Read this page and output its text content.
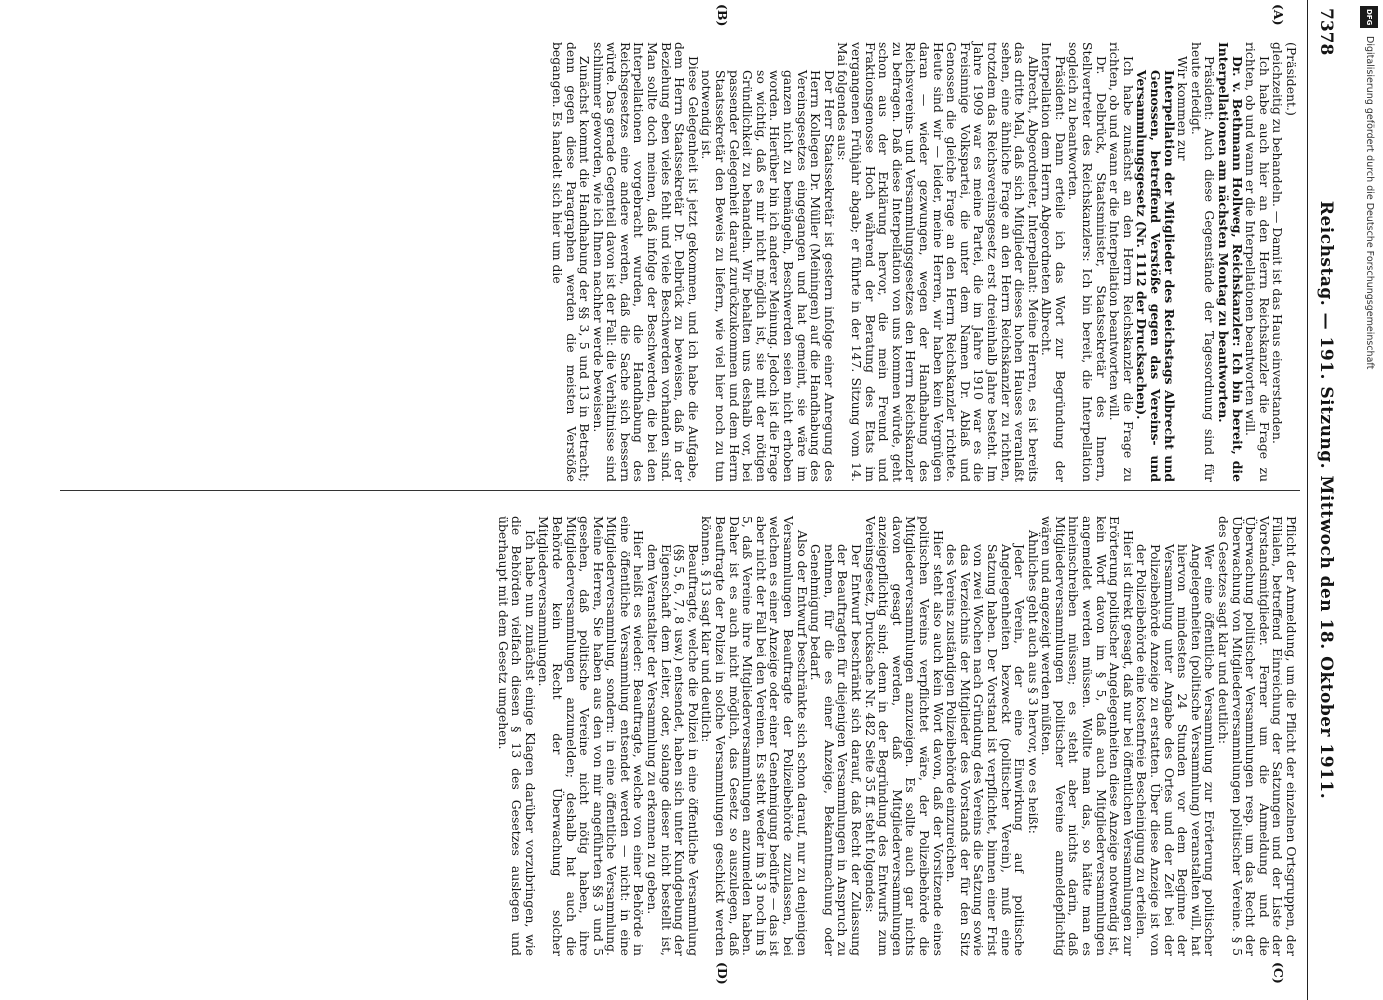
7378
Reichstag. — 191. Sitzung. Mittwoch den 18. Oktober 1911.
(A)
(B)
(C)
(D)

(Präsident.)

gleichzeitig zu behandeln. — Damit ist das Haus einverstanden.

Ich habe auch hier an den Herrn Reichskanzler die Frage zu richten, ob und wann er die Interpellationen beantworten will.

Dr. v. Bethmann Hollweg, Reichskanzler: Ich bin bereit, die Interpellationen am nächsten Montag zu beantworten.

Präsident: Auch diese Gegenstände der Tagesordnung sind für heute erledigt.

Wir kommen zur

Interpellation der Mitglieder des Reichstags Albrecht und Genossen, betreffend Verstöße gegen das Vereins- und Versammlungsgesetz (Nr. 1112 der Drucksachen).

Ich habe zunächst an den Herrn Reichskanzler die Frage zu richten, ob und wann er die Interpellation beantworten will.

Dr. Delbrück, Staatsminister, Staatssekretär des Innern, Stellvertreter des Reichskanzlers: Ich bin bereit, die Interpellation sogleich zu beantworten.

Präsident: Dann erteile ich das Wort zur Begründung der Interpellation dem Herrn Abgeordneten Albrecht.

Albrecht, Abgeordneter, Interpellant: Meine Herren, es ist bereits das dritte Mal, daß sich Mitglieder dieses hohen Hauses veranlaßt sehen, eine ähnliche Frage an den Herrn Reichskanzler zu richten, trotzdem das Reichsvereinsgesetz erst dreieinhalb Jahre besteht. Im Jahre 1909 war es meine Partei, die im Jahre 1910 war es die Freisinnige Volkspartei, die unter dem Namen Dr. Ablaß und Genossen die gleiche Frage an den Herrn Reichskanzler richtete. Heute sind wir — leider, meine Herren, wir haben kein Vergnügen daran — wieder gezwungen, wegen der Handhabung des Reichsvereins- und Versammlungsgesetzes den Herrn Reichskanzler zu befragen. Daß diese Interpellation von uns kommen würde, geht schon aus der Erklärung hervor, die mein Freund und Fraktionsgenosse Hoch während der Beratung des Etats im vergangenen Frühjahr abgab; er führte in der 147. Sitzung vom 14. Mai folgendes aus:

Der Herr Staatssekretär ist gestern infolge einer Anregung des Herrn Kollegen Dr. Müller (Meiningen) auf die Handhabung des Vereinsgesetzes eingegangen und hat gemeint, sie wäre im ganzen nicht zu bemängeln, Beschwerden seien nicht erhoben worden. Hierüber bin ich anderer Meinung. Jedoch ist die Frage so wichtig, daß es mir nicht möglich ist, sie mit der nötigen Gründlichkeit zu behandeln. Wir behalten uns deshalb vor, bei passender Gelegenheit darauf zurückzukommen und dem Herrn Staatssekretär den Beweis zu liefern, wie viel hier noch zu tun notwendig ist.

Diese Gelegenheit ist jetzt gekommen, und ich habe die Aufgabe, dem Herrn Staatssekretär Dr. Delbrück zu beweisen, daß in der Beziehung eben vieles fehlt und viele Beschwerden vorhanden sind. Man sollte doch meinen, daß infolge der Beschwerden, die bei den Interpellationen vorgebracht wurden, die Handhabung des Reichsgesetzes eine andere werden, daß die Sache sich bessern würde. Das gerade Gegenteil davon ist der Fall: die Verhältnisse sind schlimmer geworden, wie ich Ihnen nachher werde beweisen.

Zunächst kommt die Handhabung der §§ 3, 5 und 13 in Betracht; denn gegen diese Paragraphen werden die meisten Verstöße begangen. Es handelt sich hier um die

Pflicht der Anmeldung, um die Pflicht der einzelnen Ortsgruppen, der Filialen, betreffend Einreichung der Satzungen und der Liste der Vorstandsmitglieder. Ferner um die Anmeldung und die Überwachung politischer Versammlungen resp. um das Recht der Überwachung von Mitgliederversammlungen politischer Vereine. § 5 des Gesetzes sagt klar und deutlich:

Wer eine öffentliche Versammlung zur Erörterung politischer Angelegenheiten (politische Versammlung) veranstalten will, hat hiervon mindestens 24 Stunden vor dem Beginne der Versammlung unter Angabe des Ortes und der Zeit bei der Polizeibehörde Anzeige zu erstatten. Über diese Anzeige ist von der Polizeibehörde eine kostenfreie Bescheinigung zu erteilen.

Hier ist direkt gesagt, daß nur bei öffentlichen Versammlungen zur Erörterung politischer Angelegenheiten diese Anzeige notwendig ist, kein Wort davon im § 5, daß auch Mitgliederversammlungen angemeldet werden müssen. Wollte man das, so hätte man es hineinschreiben müssen; es steht aber nichts darin, daß Mitgliederversammlungen politischer Vereine anmeldepflichtig wären und angezeigt werden müßten.

Ähnliches geht auch aus § 3 hervor, wo es heißt:

Jeder Verein, der eine Einwirkung auf politische Angelegenheiten bezweckt (politischer Verein), muß eine Satzung haben. Der Vorstand ist verpflichtet, binnen einer Frist von zwei Wochen nach Gründung des Vereins die Satzung sowie das Verzeichnis der Mitglieder des Vorstands der für den Sitz des Vereins zuständigen Polizeibehörde einzureichen.

Hier steht also auch kein Wort davon, daß der Vorsitzende eines politischen Vereins verpflichtet wäre, der Polizeibehörde die Mitgliederversammlungen anzuzeigen. Es sollte auch gar nichts davon gesagt werden, daß Mitgliederversammlungen anzeigepflichtig sind; denn in der Begründung des Entwurfs zum Vereinsgesetz, Drucksache Nr. 482 Seite 35 ff. steht folgendes:

Der Entwurf beschränkt sich darauf, daß Recht der Zulassung der Beauftragten für diejenigen Versammlungen in Anspruch zu nehmen, für die es einer Anzeige, Bekanntmachung oder Genehmigung bedarf.

Also der Entwurf beschränkte sich schon darauf, nur zu denjenigen Versammlungen Beauftragte der Polizeibehörde zuzulassen, bei welchen es einer Anzeige oder einer Genehmigung bedürfe — das ist aber nicht der Fall bei den Vereinen. Es steht weder im § 3 noch im § 5, daß Vereine ihre Mitgliederversammlungen anzumelden haben. Daher ist es auch nicht möglich, das Gesetz so auszulegen, daß Beauftragte der Polizei in solche Versammlungen geschickt werden können. § 13 sagt klar und deutlich:

Beauftragte, welche die Polizei in eine öffentliche Versammlung (§§ 5, 6, 7, 8 usw.) entsendet, haben sich unter Kundgebung der Eigenschaft dem Leiter, oder, solange dieser nicht bestellt ist, dem Veranstalter der Versammlung zu erkennen zu geben.

Hier heißt es wieder: Beauftragte, welche von einer Behörde in eine öffentliche Versammlung entsendet werden — nicht: in eine Mitgliederversammlung, sondern: in eine öffentliche Versammlung. Meine Herren, Sie haben aus den von mir angeführten §§ 3 und 5 gesehen, daß politische Vereine nicht nötig haben, ihre Mitgliederversammlungen anzumelden; deshalb hat auch die Behörde kein Recht der Überwachung solcher Mitgliederversammlungen.

Ich habe nun zunächst einige Klagen darüber vorzubringen, wie die Behörden vielfach diesen § 13 des Gesetzes auslegen und überhaupt mit dem Gesetz umgehen.

DFG
Digitalisierung gefördert durch die Deutsche Forschungsgemeinschaft
